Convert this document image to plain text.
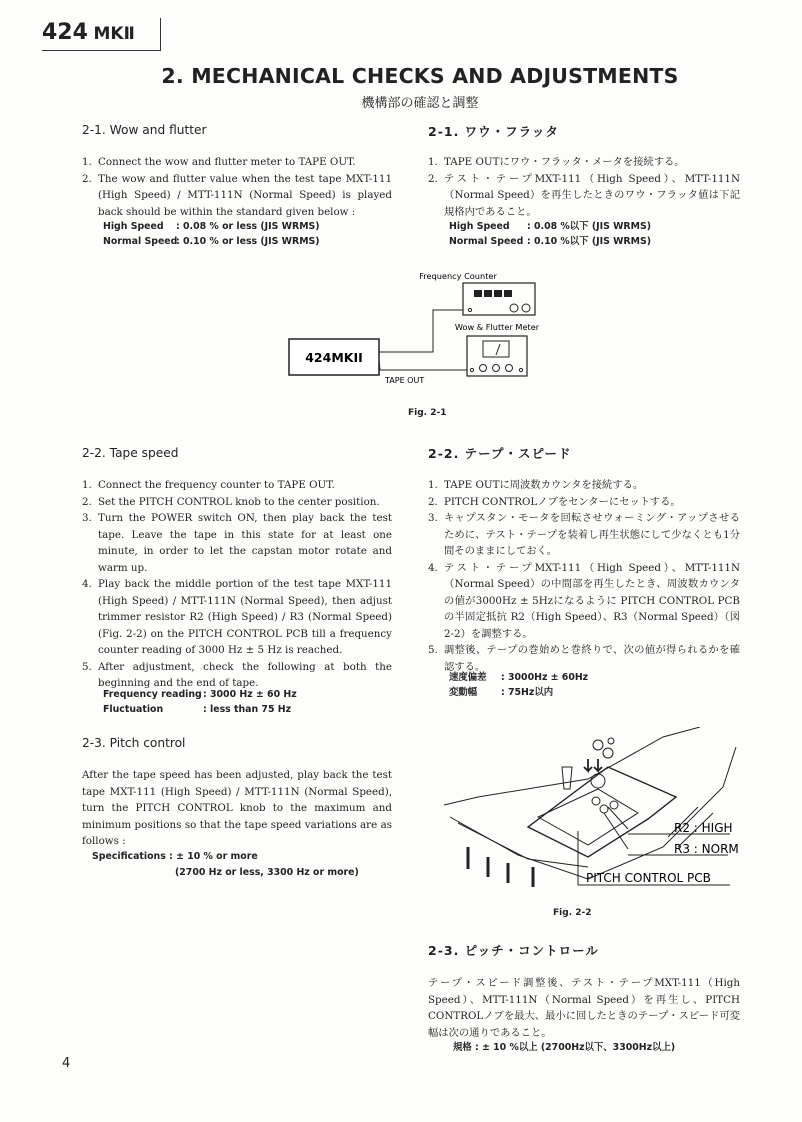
424 MKⅡ
2. MECHANICAL CHECKS AND ADJUSTMENTS
機構部の確認と調整
2-1. Wow and flutter
1. Connect the wow and flutter meter to TAPE OUT.
2. The wow and flutter value when the test tape MXT-111 (High Speed) / MTT-111N (Normal Speed) is played back should be within the standard given below :
High Speed : 0.08 % or less (JIS WRMS)
Normal Speed: 0.10 % or less (JIS WRMS)
2-1. ワウ・フラッタ
1. TAPE OUTにワウ・フラッタ・メータを接続する。
2. テスト・テープMXT-111（High Speed）、MTT-111N（Normal Speed）を再生したときのワウ・フラッタ値は下記規格内であること。
High Speed : 0.08 %以下 (JIS WRMS)
Normal Speed : 0.10 %以下 (JIS WRMS)
Frequency Counter
Wow & Flutter Meter
424MKII
TAPE OUT
Fig. 2-1
2-2. Tape speed
1. Connect the frequency counter to TAPE OUT.
2. Set the PITCH CONTROL knob to the center position.
3. Turn the POWER switch ON, then play back the test tape. Leave the tape in this state for at least one minute, in order to let the capstan motor rotate and warm up.
4. Play back the middle portion of the test tape MXT-111 (High Speed) / MTT-111N (Normal Speed), then adjust trimmer resistor R2 (High Speed) / R3 (Normal Speed) (Fig. 2-2) on the PITCH CONTROL PCB till a frequency counter reading of 3000 Hz ± 5 Hz is reached.
5. After adjustment, check the following at both the beginning and the end of tape.
Frequency reading: 3000 Hz ± 60 Hz
Fluctuation	: less than 75 Hz
2-2. テープ・スピード
1. TAPE OUTに周波数カウンタを接続する。
2. PITCH CONTROLノブをセンターにセットする。
3. キャプスタン・モータを回転させウォーミング・アップさせるために、テスト・テープを装着し再生状態にして少なくとも1分間そのままにしておく。
4. テスト・テープMXT-111（High Speed）、MTT-111N（Normal Speed）の中間部を再生したとき、周波数カウンタの値が3000Hz ± 5Hzになるように PITCH CONTROL PCBの半固定抵抗 R2（High Speed）、R3（Normal Speed）（図2-2）を調整する。
5. 調整後、テープの巻始めと巻終りで、次の値が得られるかを確認する。
速度偏差 : 3000Hz ± 60Hz
変動幅	: 75Hz以内
2-3. Pitch control
After the tape speed has been adjusted, play back the test tape MXT-111 (High Speed) / MTT-111N (Normal Speed), turn the PITCH CONTROL knob to the maximum and minimum positions so that the tape speed variations are as follows :
Specifications : ± 10 % or more
(2700 Hz or less, 3300 Hz or more)
R2 : HIGH
R3 : NORM
PITCH CONTROL PCB
Fig. 2-2
2-3. ピッチ・コントロール
テープ・スピード調整後、テスト・テープMXT-111（High Speed）、MTT-111N（Normal Speed）を再生し、PITCH CONTROLノブを最大、最小に回したときのテープ・スピード可変幅は次の通りであること。
規格 : ± 10 %以上 (2700Hz以下、3300Hz以上)
4
